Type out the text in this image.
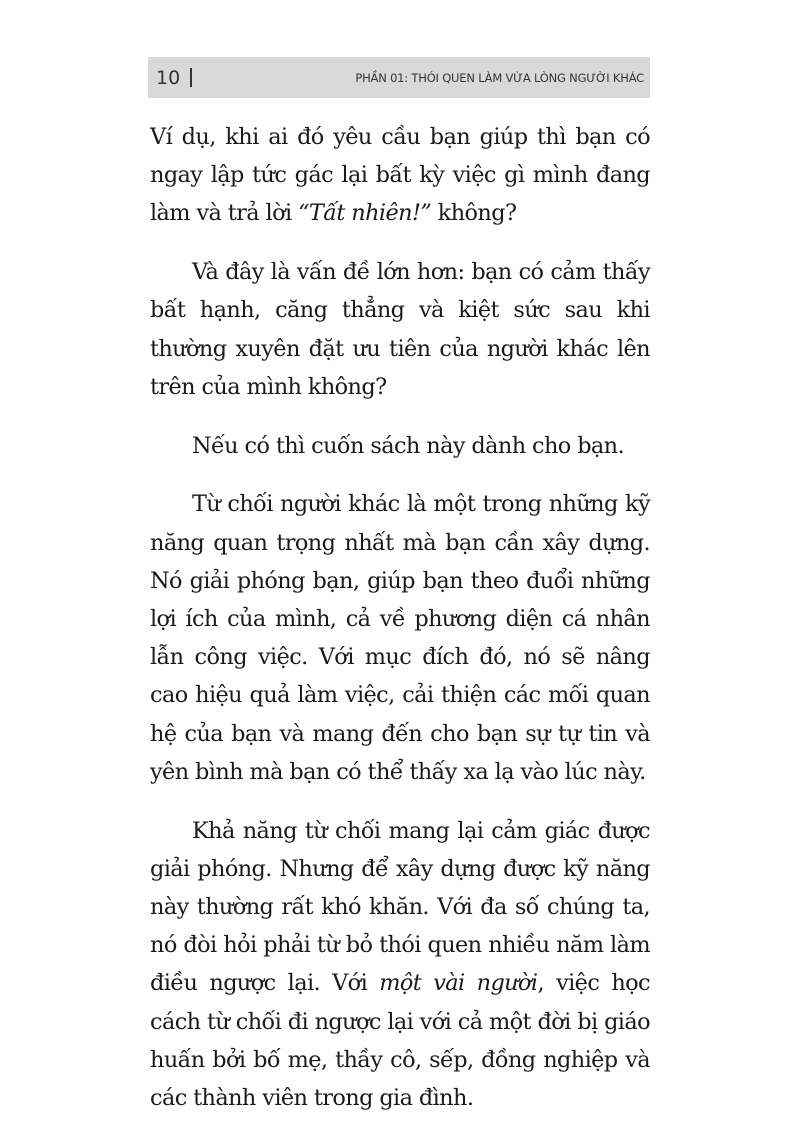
10	PHẦN 01: THÓI QUEN LÀM VỪA LÒNG NGƯỜI KHÁC

Ví dụ, khi ai đó yêu cầu bạn giúp thì bạn có ngay lập tức gác lại bất kỳ việc gì mình đang làm và trả lời “Tất nhiên!” không?

Và đây là vấn đề lớn hơn: bạn có cảm thấy bất hạnh, căng thẳng và kiệt sức sau khi thường xuyên đặt ưu tiên của người khác lên trên của mình không?

Nếu có thì cuốn sách này dành cho bạn.

Từ chối người khác là một trong những kỹ năng quan trọng nhất mà bạn cần xây dựng. Nó giải phóng bạn, giúp bạn theo đuổi những lợi ích của mình, cả về phương diện cá nhân lẫn công việc. Với mục đích đó, nó sẽ nâng cao hiệu quả làm việc, cải thiện các mối quan hệ của bạn và mang đến cho bạn sự tự tin và yên bình mà bạn có thể thấy xa lạ vào lúc này.

Khả năng từ chối mang lại cảm giác được giải phóng. Nhưng để xây dựng được kỹ năng này thường rất khó khăn. Với đa số chúng ta, nó đòi hỏi phải từ bỏ thói quen nhiều năm làm điều ngược lại. Với một vài người, việc học cách từ chối đi ngược lại với cả một đời bị giáo huấn bởi bố mẹ, thầy cô, sếp, đồng nghiệp và các thành viên trong gia đình.
